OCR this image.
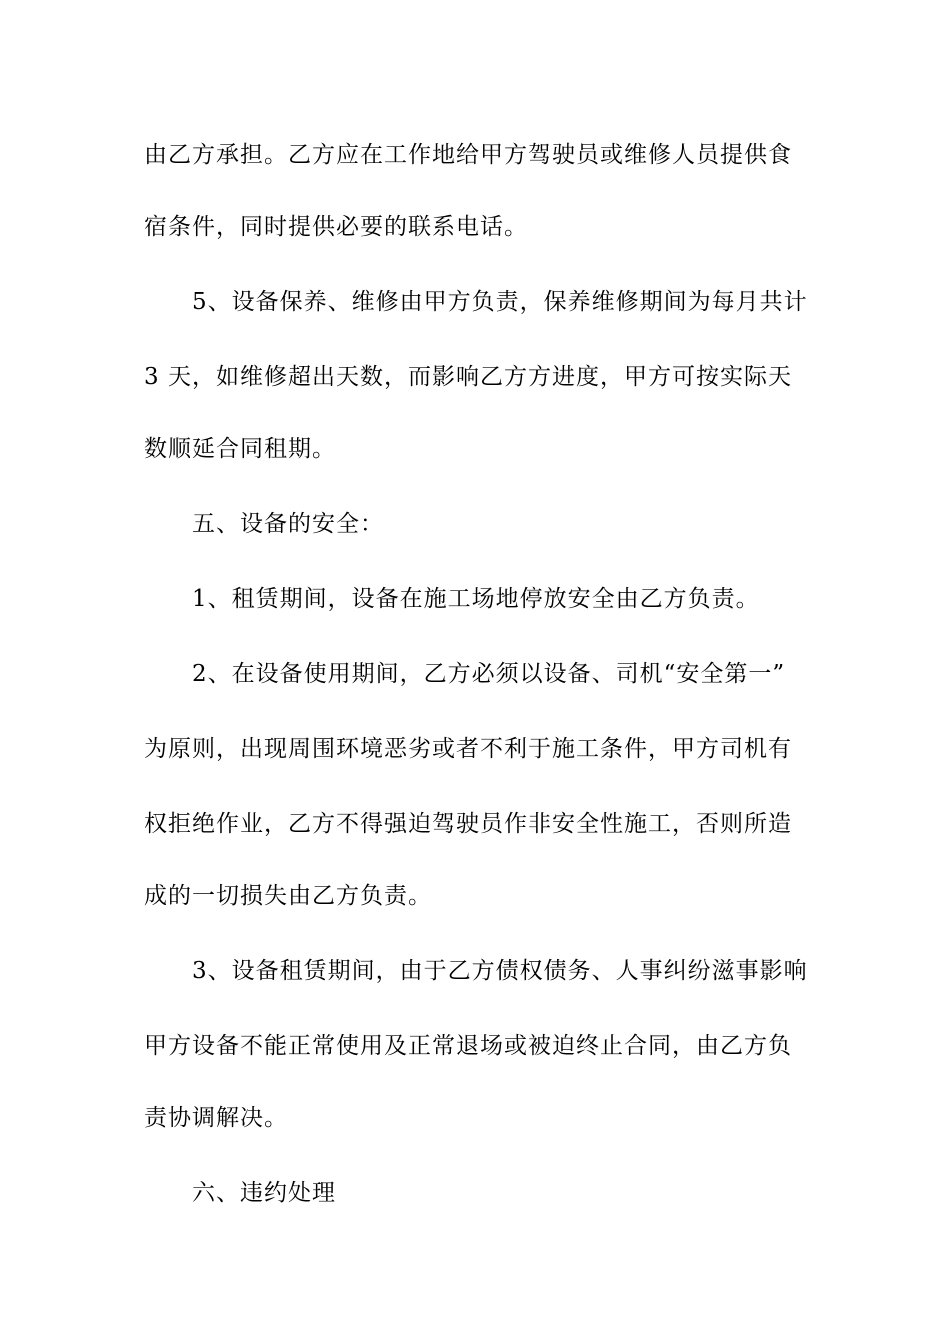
由乙方承担。乙方应在工作地给甲方驾驶员或维修人员提供食
宿条件，同时提供必要的联系电话。
5、设备保养、维修由甲方负责，保养维修期间为每月共计
3 天，如维修超出天数，而影响乙方方进度，甲方可按实际天
数顺延合同租期。
五、设备的安全：
1、租赁期间，设备在施工场地停放安全由乙方负责。
2、在设备使用期间，乙方必须以设备、司机“安全第一”
为原则，出现周围环境恶劣或者不利于施工条件，甲方司机有
权拒绝作业，乙方不得强迫驾驶员作非安全性施工，否则所造
成的一切损失由乙方负责。
3、设备租赁期间，由于乙方债权债务、人事纠纷滋事影响
甲方设备不能正常使用及正常退场或被迫终止合同，由乙方负
责协调解决。
六、违约处理
